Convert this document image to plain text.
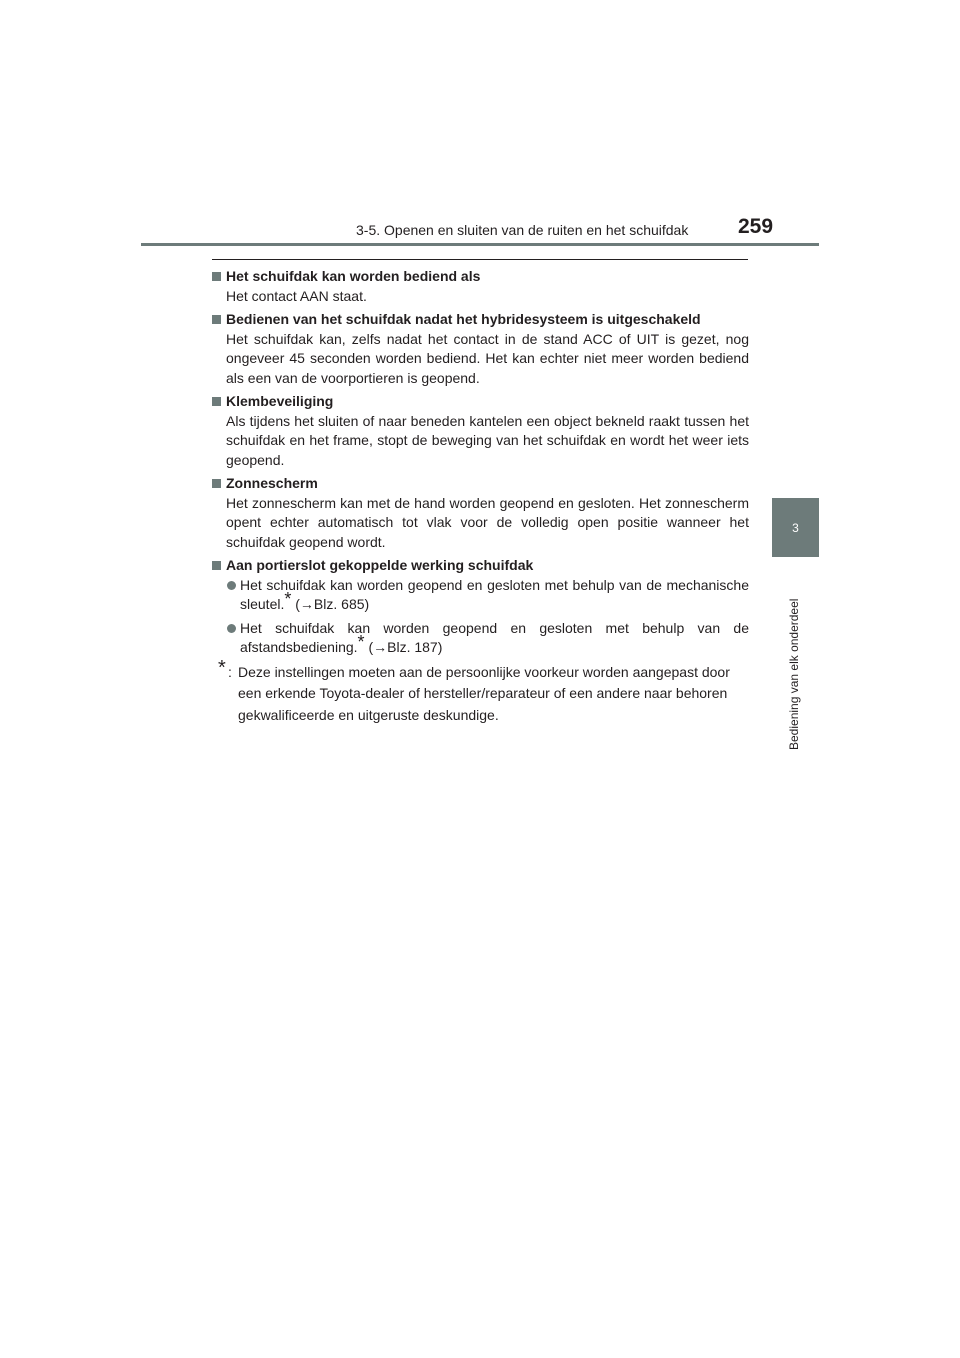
3-5. Openen en sluiten van de ruiten en het schuifdak 259
3
Bediening van elk onderdeel
Het schuifdak kan worden bediend als
Het contact AAN staat.
Bedienen van het schuifdak nadat het hybridesysteem is uitgeschakeld
Het schuifdak kan, zelfs nadat het contact in de stand ACC of UIT is gezet, nog ongeveer 45 seconden worden bediend. Het kan echter niet meer worden bediend als een van de voorportieren is geopend.
Klembeveiliging
Als tijdens het sluiten of naar beneden kantelen een object bekneld raakt tussen het schuifdak en het frame, stopt de beweging van het schuifdak en wordt het weer iets geopend.
Zonnescherm
Het zonnescherm kan met de hand worden geopend en gesloten. Het zonnescherm opent echter automatisch tot vlak voor de volledig open positie wanneer het schuifdak geopend wordt.
Aan portierslot gekoppelde werking schuifdak
Het schuifdak kan worden geopend en gesloten met behulp van de mechanische sleutel.* (→Blz. 685)
Het schuifdak kan worden geopend en gesloten met behulp van de afstandsbediening.* (→Blz. 187)
* : Deze instellingen moeten aan de persoonlijke voorkeur worden aangepast door een erkende Toyota-dealer of hersteller/reparateur of een andere naar behoren gekwalificeerde en uitgeruste deskundige.
